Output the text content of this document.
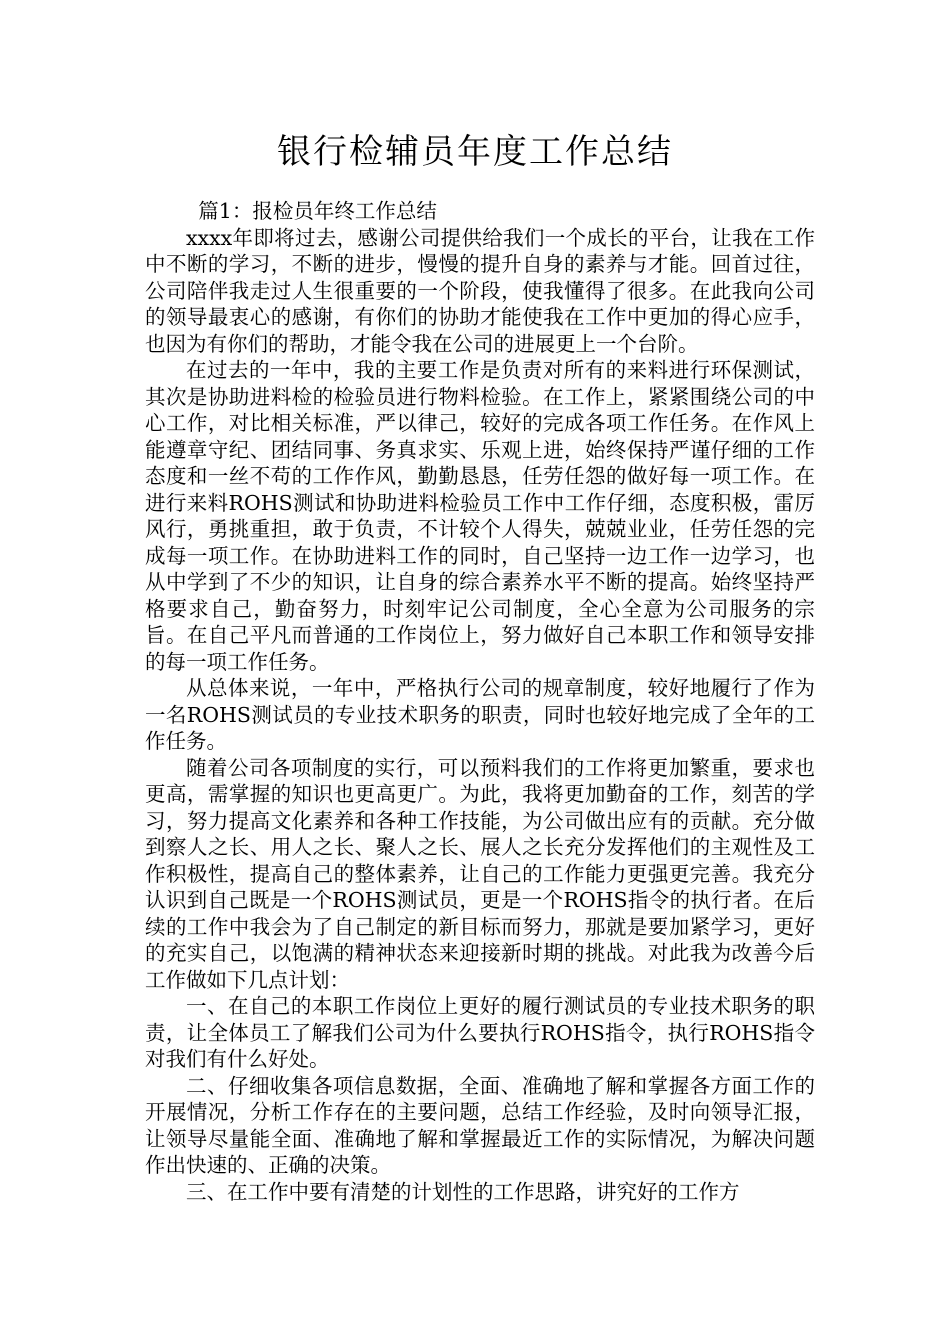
银行检辅员年度工作总结

篇1：报检员年终工作总结

xxxx年即将过去，感谢公司提供给我们一个成长的平台，让我在工作中不断的学习，不断的进步，慢慢的提升自身的素养与才能。回首过往，公司陪伴我走过人生很重要的一个阶段，使我懂得了很多。在此我向公司的领导最衷心的感谢，有你们的协助才能使我在工作中更加的得心应手，也因为有你们的帮助，才能令我在公司的进展更上一个台阶。

在过去的一年中，我的主要工作是负责对所有的来料进行环保测试，其次是协助进料检的检验员进行物料检验。在工作上，紧紧围绕公司的中心工作，对比相关标准，严以律己，较好的完成各项工作任务。在作风上能遵章守纪、团结同事、务真求实、乐观上进，始终保持严谨仔细的工作态度和一丝不苟的工作作风，勤勤恳恳，任劳任怨的做好每一项工作。在进行来料ROHS测试和协助进料检验员工作中工作仔细，态度积极，雷厉风行，勇挑重担，敢于负责，不计较个人得失，兢兢业业，任劳任怨的完成每一项工作。在协助进料工作的同时，自己坚持一边工作一边学习，也从中学到了不少的知识，让自身的综合素养水平不断的提高。始终坚持严格要求自己，勤奋努力，时刻牢记公司制度，全心全意为公司服务的宗旨。在自己平凡而普通的工作岗位上，努力做好自己本职工作和领导安排的每一项工作任务。

从总体来说，一年中，严格执行公司的规章制度，较好地履行了作为一名ROHS测试员的专业技术职务的职责，同时也较好地完成了全年的工作任务。

随着公司各项制度的实行，可以预料我们的工作将更加繁重，要求也更高，需掌握的知识也更高更广。为此，我将更加勤奋的工作，刻苦的学习，努力提高文化素养和各种工作技能，为公司做出应有的贡献。充分做到察人之长、用人之长、聚人之长、展人之长充分发挥他们的主观性及工作积极性，提高自己的整体素养，让自己的工作能力更强更完善。我充分认识到自己既是一个ROHS测试员，更是一个ROHS指令的执行者。在后续的工作中我会为了自己制定的新目标而努力，那就是要加紧学习，更好的充实自己，以饱满的精神状态来迎接新时期的挑战。对此我为改善今后工作做如下几点计划：

一、在自己的本职工作岗位上更好的履行测试员的专业技术职务的职责，让全体员工了解我们公司为什么要执行ROHS指令，执行ROHS指令对我们有什么好处。

二、仔细收集各项信息数据，全面、准确地了解和掌握各方面工作的开展情况，分析工作存在的主要问题，总结工作经验，及时向领导汇报，让领导尽量能全面、准确地了解和掌握最近工作的实际情况，为解决问题作出快速的、正确的决策。

三、在工作中要有清楚的计划性的工作思路，讲究好的工作方
